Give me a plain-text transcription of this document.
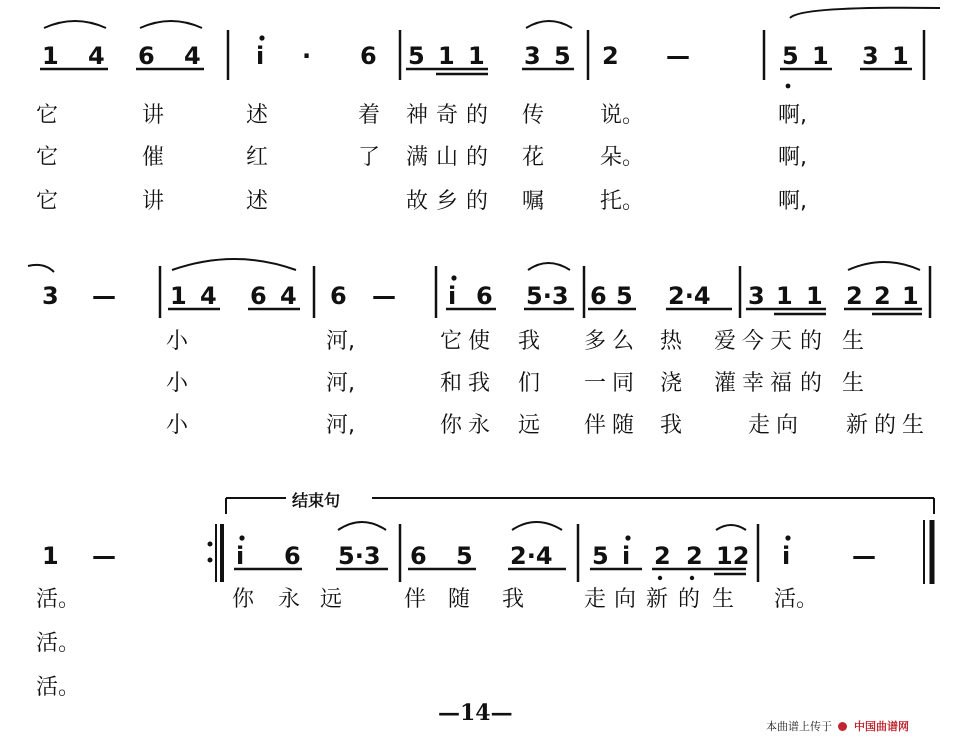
1 4 6 4 i · 6 5 1 1 3 5 2 —	5 1 3 1
3 — 1 4 6 4 6 — i 6 5·3 6 5 2·4 3 1 1 2 2 1
结束句
1 —	i 6 5·3 6 5 2·4 5 i 2 2 12 i	—
它	讲	述	着 神 奇 的 传	说。	啊,
它	催	红	了 满 山 的 花	朵。	啊,
它	讲	述	故 乡 的 嘱	托。	啊,
小	河,	它 使 我 多 么 热 爱 今 天 的 生
小	河,	和 我 们 一 同 浇 灌 幸 福 的 生
小	河,	你 永 远 伴 随 我	走 向 新 的 生
活。	你 永 远	伴 随 我	走 向 新 的 生 活。
活。
活。
—14—
本曲谱上传于 中国曲谱网
